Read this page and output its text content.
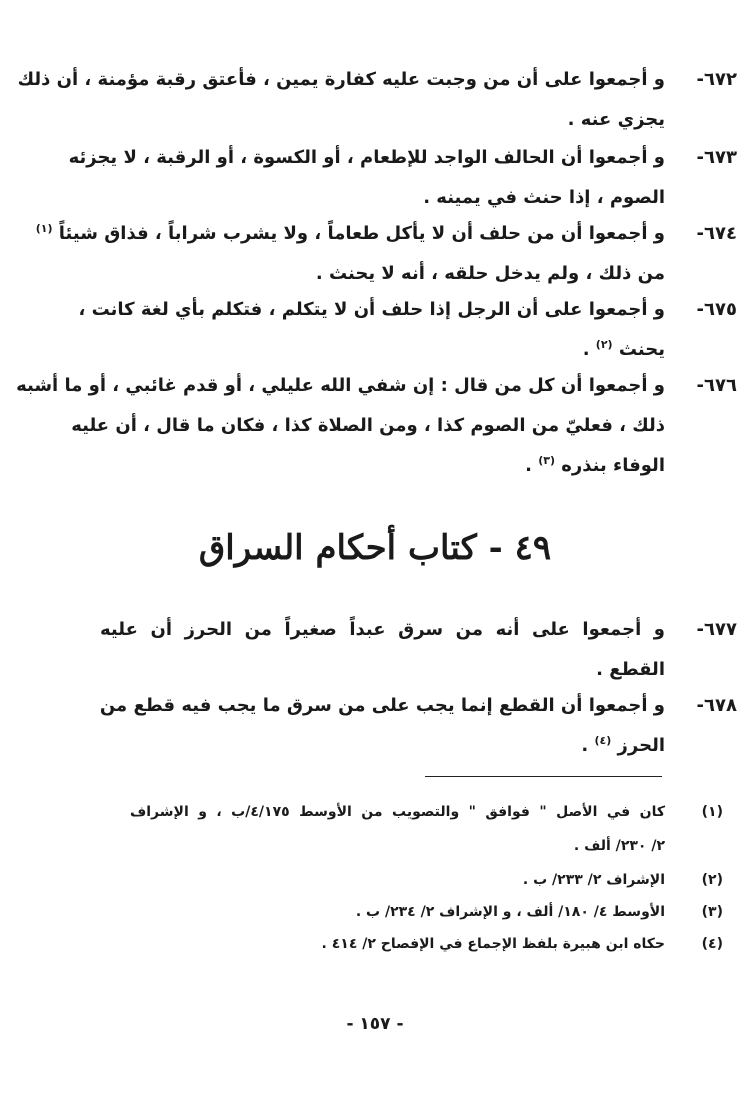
٦٧٢-
و أجمعوا على أن من وجبت عليه كفارة يمين ، فأعتق رقبة مؤمنة ، أن ذلك
يجزي عنه .
٦٧٣-
و أجمعوا أن الحالف الواجد للإطعام ، أو الكسوة ، أو الرقبة ، لا يجزئه
الصوم ، إذا حنث في يمينه .
٦٧٤-
و أجمعوا أن من حلف أن لا يأكل طعاماً ، ولا يشرب شراباً ، فذاق شيئاً $^{(١)}$
من ذلك ، ولم يدخل حلقه ، أنه لا يحنث .
٦٧٥-
و أجمعوا على أن الرجل إذا حلف أن لا يتكلم ، فتكلم بأي لغة كانت ،
يحنث $^{(٢)}$ .
٦٧٦-
و أجمعوا أن كل من قال : إن شفي الله عليلي ، أو قدم غائبي ، أو ما أشبه
ذلك ، فعليّ من الصوم كذا ، ومن الصلاة كذا ، فكان ما قال ، أن عليه
الوفاء بنذره $^{(٣)}$ .
٤٩ - كتاب أحكام السراق
٦٧٧-
و أجمعوا على أنه من سرق عبداً صغيراً من الحرز أن عليه
القطع .
٦٧٨-
و أجمعوا أن القطع إنما يجب على من سرق ما يجب فيه قطع من
الحرز $^{(٤)}$ .
(١)
كان في الأصل " فوافق " والتصويب من الأوسط ٤/١٧٥/ب ، و الإشراف
٢/ ٢٣٠/ ألف .
(٢)
الإشراف ٢/ ٢٣٣/ ب .
(٣)
الأوسط ٤/ ١٨٠/ ألف ، و الإشراف ٢/ ٢٣٤/ ب .
(٤)
حكاه ابن هبيرة بلفظ الإجماع في الإفصاح ٢/ ٤١٤ .
- ١٥٧ -
